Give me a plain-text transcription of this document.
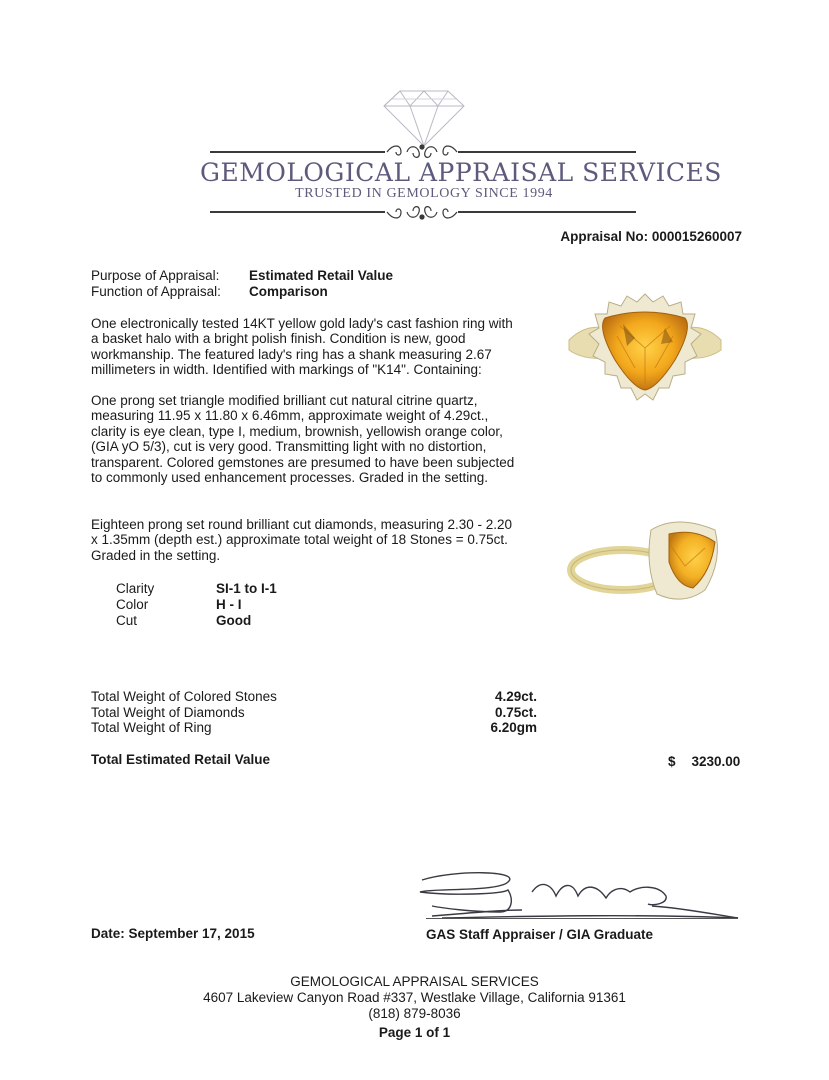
GEMOLOGICAL APPRAISAL SERVICES
TRUSTED IN GEMOLOGY SINCE 1994
Appraisal No: 000015260007
Purpose of Appraisal: Estimated Retail Value
Function of Appraisal: Comparison

One electronically tested 14KT yellow gold lady's cast fashion ring with a basket halo with a bright polish finish. Condition is new, good workmanship. The featured lady's ring has a shank measuring 2.67 millimeters in width. Identified with markings of "K14". Containing:

One prong set triangle modified brilliant cut natural citrine quartz, measuring 11.95 x 11.80 x 6.46mm, approximate weight of 4.29ct., clarity is eye clean, type I, medium, brownish, yellowish orange color, (GIA yO 5/3), cut is very good. Transmitting light with no distortion, transparent. Colored gemstones are presumed to have been subjected to commonly used enhancement processes. Graded in the setting.

Eighteen prong set round brilliant cut diamonds, measuring 2.30 - 2.20 x 1.35mm (depth est.) approximate total weight of 18 Stones = 0.75ct. Graded in the setting.

Clarity	SI-1 to I-1
Color	H - I
Cut	Good
Total Weight of Colored Stones	4.29ct.
Total Weight of Diamonds	0.75ct.
Total Weight of Ring	6.20gm
Total Estimated Retail Value	$ 3230.00
GAS Staff Appraiser / GIA Graduate
Date: September 17, 2015
GEMOLOGICAL APPRAISAL SERVICES
4607 Lakeview Canyon Road #337, Westlake Village, California 91361
(818) 879-8036
Page 1 of 1
